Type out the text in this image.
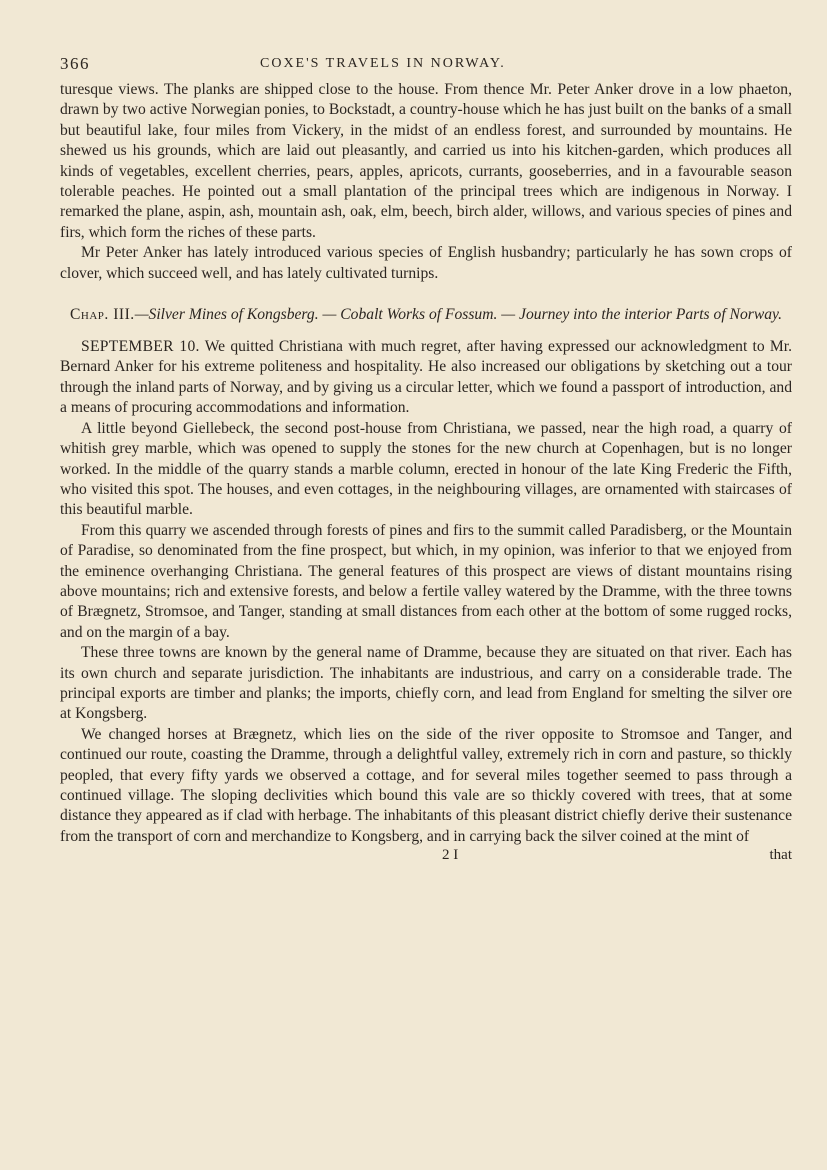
366	COXE'S TRAVELS IN NORWAY.

turesque views. The planks are shipped close to the house. From thence Mr. Peter Anker drove in a low phaeton, drawn by two active Norwegian ponies, to Bockstadt, a country-house which he has just built on the banks of a small but beautiful lake, four miles from Vickery, in the midst of an endless forest, and surrounded by mountains. He shewed us his grounds, which are laid out pleasantly, and carried us into his kitchen-garden, which produces all kinds of vegetables, excellent cherries, pears, apples, apricots, currants, gooseberries, and in a favourable season tolerable peaches. He pointed out a small plantation of the principal trees which are indigenous in Norway. I remarked the plane, aspin, ash, mountain ash, oak, elm, beech, birch alder, willows, and various species of pines and firs, which form the riches of these parts.

Mr Peter Anker has lately introduced various species of English husbandry; particularly he has sown crops of clover, which succeed well, and has lately cultivated turnips.

Chap. III.—Silver Mines of Kongsberg. — Cobalt Works of Fossum. — Journey into the interior Parts of Norway.

SEPTEMBER 10. We quitted Christiana with much regret, after having expressed our acknowledgment to Mr. Bernard Anker for his extreme politeness and hospitality. He also increased our obligations by sketching out a tour through the inland parts of Norway, and by giving us a circular letter, which we found a passport of introduction, and a means of procuring accommodations and information.

A little beyond Giellebeck, the second post-house from Christiana, we passed, near the high road, a quarry of whitish grey marble, which was opened to supply the stones for the new church at Copenhagen, but is no longer worked. In the middle of the quarry stands a marble column, erected in honour of the late King Frederic the Fifth, who visited this spot. The houses, and even cottages, in the neighbouring villages, are ornamented with staircases of this beautiful marble.

From this quarry we ascended through forests of pines and firs to the summit called Paradisberg, or the Mountain of Paradise, so denominated from the fine prospect, but which, in my opinion, was inferior to that we enjoyed from the eminence overhanging Christiana. The general features of this prospect are views of distant mountains rising above mountains; rich and extensive forests, and below a fertile valley watered by the Dramme, with the three towns of Brægnetz, Stromsoe, and Tanger, standing at small distances from each other at the bottom of some rugged rocks, and on the margin of a bay.

These three towns are known by the general name of Dramme, because they are situated on that river. Each has its own church and separate jurisdiction. The inhabitants are industrious, and carry on a considerable trade. The principal exports are timber and planks; the imports, chiefly corn, and lead from England for smelting the silver ore at Kongsberg.

We changed horses at Brægnetz, which lies on the side of the river opposite to Stromsoe and Tanger, and continued our route, coasting the Dramme, through a delightful valley, extremely rich in corn and pasture, so thickly peopled, that every fifty yards we observed a cottage, and for several miles together seemed to pass through a continued village. The sloping declivities which bound this vale are so thickly covered with trees, that at some distance they appeared as if clad with herbage. The inhabitants of this pleasant district chiefly derive their sustenance from the transport of corn and merchandize to Kongsberg, and in carrying back the silver coined at the mint of

2 I	that
